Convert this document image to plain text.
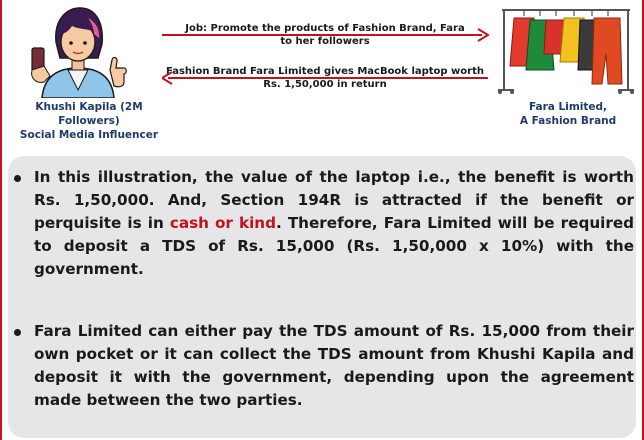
Khushi Kapila (2M Followers)
Social Media Influencer
Fara Limited,
A Fashion Brand
Job: Promote the products of Fashion Brand, Fara
to her followers
Fashion Brand Fara Limited gives MacBook laptop worth
Rs. 1,50,000 in return
In this illustration, the value of the laptop i.e., the benefit is worth Rs. 1,50,000. And, Section 194R is attracted if the benefit or perquisite is in cash or kind. Therefore, Fara Limited will be required to deposit a TDS of Rs. 15,000 (Rs. 1,50,000 x 10%) with the government.
Fara Limited can either pay the TDS amount of Rs. 15,000 from their own pocket or it can collect the TDS amount from Khushi Kapila and deposit it with the government, depending upon the agreement made between the two parties.
